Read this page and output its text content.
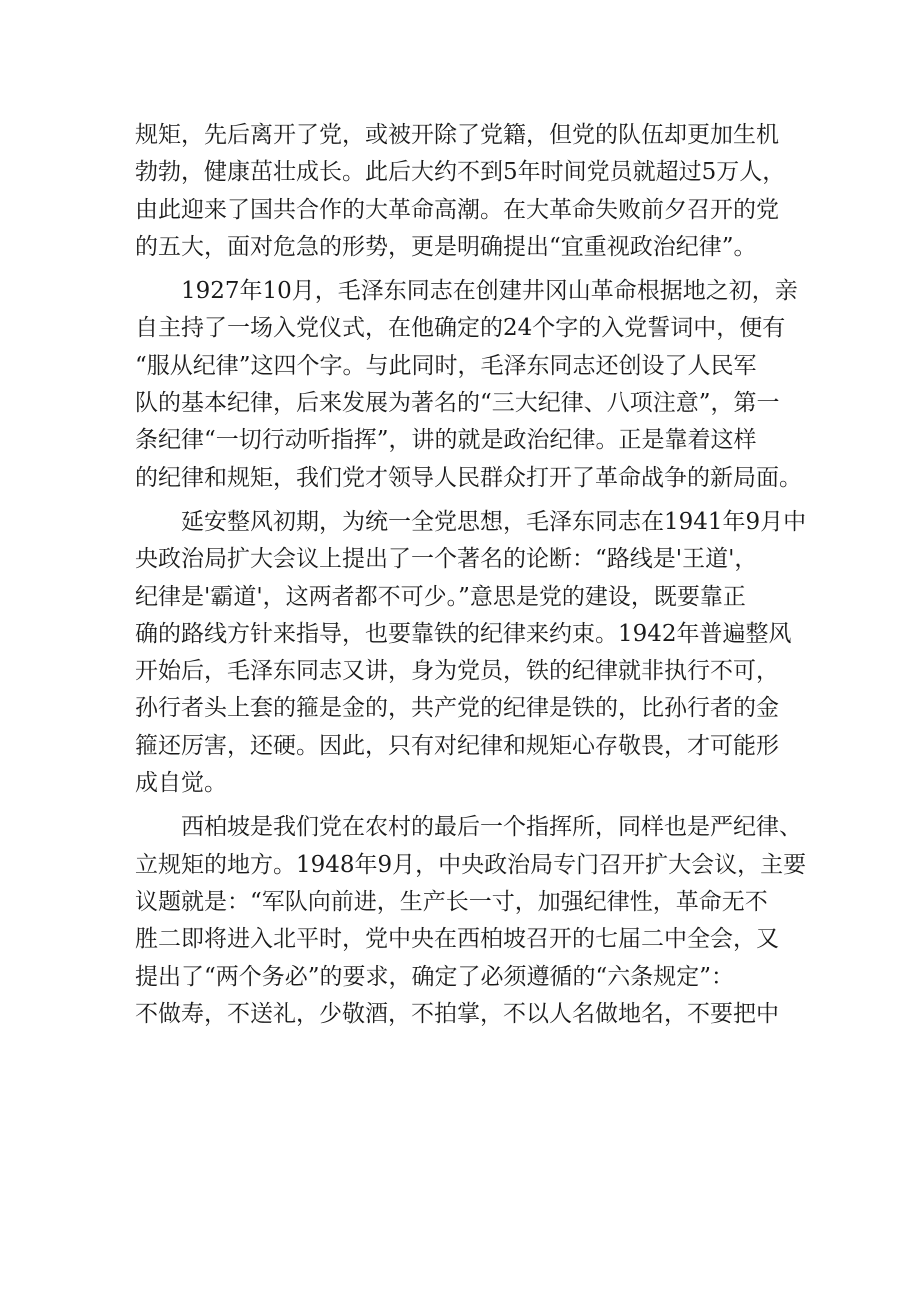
规矩，先后离开了党，或被开除了党籍，但党的队伍却更加生机
勃勃，健康茁壮成长。此后大约不到5年时间党员就超过5万人，
由此迎来了国共合作的大革命高潮。在大革命失败前夕召开的党
的五大，面对危急的形势，更是明确提出“宜重视政治纪律”。
1927年10月，毛泽东同志在创建井冈山革命根据地之初，亲
自主持了一场入党仪式，在他确定的24个字的入党誓词中，便有
“服从纪律”这四个字。与此同时，毛泽东同志还创设了人民军
队的基本纪律，后来发展为著名的“三大纪律、八项注意”，第一
条纪律“一切行动听指挥”，讲的就是政治纪律。正是靠着这样
的纪律和规矩，我们党才领导人民群众打开了革命战争的新局面。
延安整风初期，为统一全党思想，毛泽东同志在1941年9月中
央政治局扩大会议上提出了一个著名的论断：“路线是'王道'，
纪律是'霸道'，这两者都不可少。”意思是党的建设，既要靠正
确的路线方针来指导，也要靠铁的纪律来约束。1942年普遍整风
开始后，毛泽东同志又讲，身为党员，铁的纪律就非执行不可，
孙行者头上套的箍是金的，共产党的纪律是铁的，比孙行者的金
箍还厉害，还硬。因此，只有对纪律和规矩心存敬畏，才可能形
成自觉。
西柏坡是我们党在农村的最后一个指挥所，同样也是严纪律、
立规矩的地方。1948年9月，中央政治局专门召开扩大会议，主要
议题就是：“军队向前进，生产长一寸，加强纪律性，革命无不
胜二即将进入北平时，党中央在西柏坡召开的七届二中全会，又
提出了“两个务必”的要求，确定了必须遵循的“六条规定”：
不做寿，不送礼，少敬酒，不拍掌，不以人名做地名，不要把中
